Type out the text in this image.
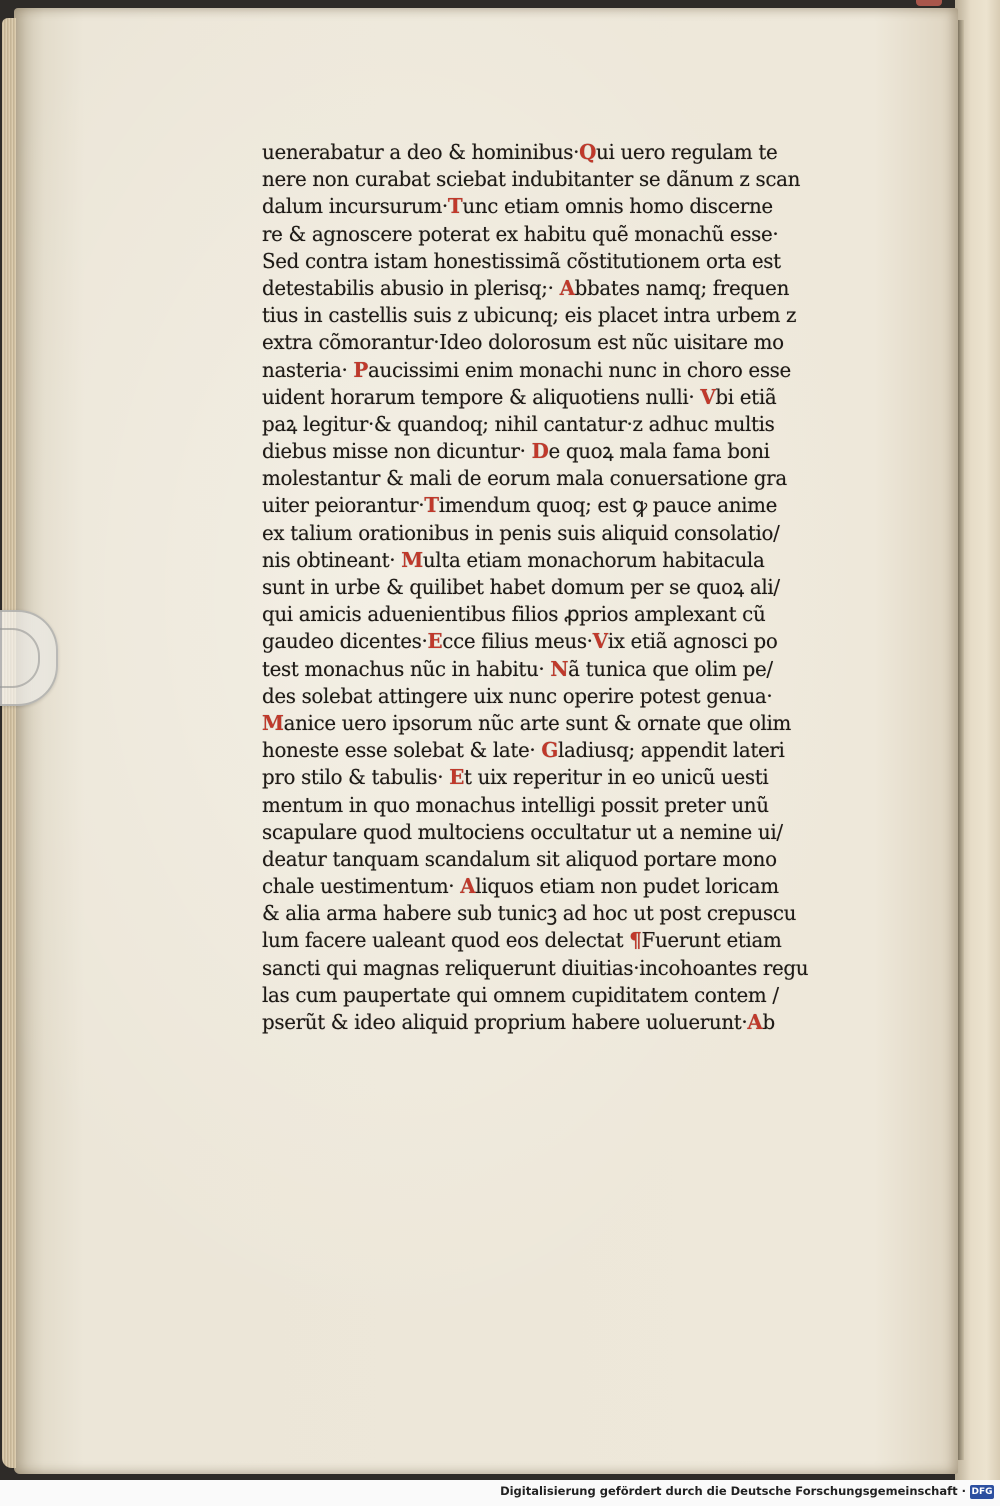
uenerabatur a deo & hominibus·Qui uero regulam te
nere non curabat sciebat indubitanter se dãnum z scan
dalum incursurum·Tunc etiam omnis homo discerne
re & agnoscere poterat ex habitu quẽ monachũ esse·
Sed contra istam honestissimã cõstitutionem orta est
detestabilis abusio in plerisq;· Abbates namq; frequen
tius in castellis suis z ubicunq; eis placet intra urbem z
extra cõmorantur·Ideo dolorosum est nũc uisitare mo
nasteria· Paucissimi enim monachi nunc in choro esse
uident horarum tempore & aliquotiens nulli· Vbi etiã
paꝝ legitur·& quandoq; nihil cantatur·z adhuc multis
diebus misse non dicuntur· De quoꝝ mala fama boni
molestantur & mali de eorum mala conuersatione gra
uiter peiorantur·Timendum quoq; est ꝙ pauce anime
ex talium orationibus in penis suis aliquid consolatio/
nis obtineant· Multa etiam monachorum habitacula
sunt in urbe & quilibet habet domum per se quoꝝ ali/
qui amicis aduenientibus filios ꝓprios amplexant cũ
gaudeo dicentes·Ecce filius meus·Vix etiã agnosci po
test monachus nũc in habitu· Nã tunica que olim pe/
des solebat attingere uix nunc operire potest genua·
Manice uero ipsorum nũc arte sunt & ornate que olim
honeste esse solebat & late· Gladiusq; appendit lateri
pro stilo & tabulis· Et uix reperitur in eo unicũ uesti
mentum in quo monachus intelligi possit preter unũ
scapulare quod multociens occultatur ut a nemine ui/
deatur tanquam scandalum sit aliquod portare mono
chale uestimentum· Aliquos etiam non pudet loricam
& alia arma habere sub tunicꝫ ad hoc ut post crepuscu
lum facere ualeant quod eos delectat ¶Fuerunt etiam
sancti qui magnas reliquerunt diuitias·incohoantes regu
las cum paupertate qui omnem cupiditatem contem /
pserũt & ideo aliquid proprium habere uoluerunt·Ab
Digitalisierung gefördert durch die Deutsche Forschungsgemeinschaft · DFG
